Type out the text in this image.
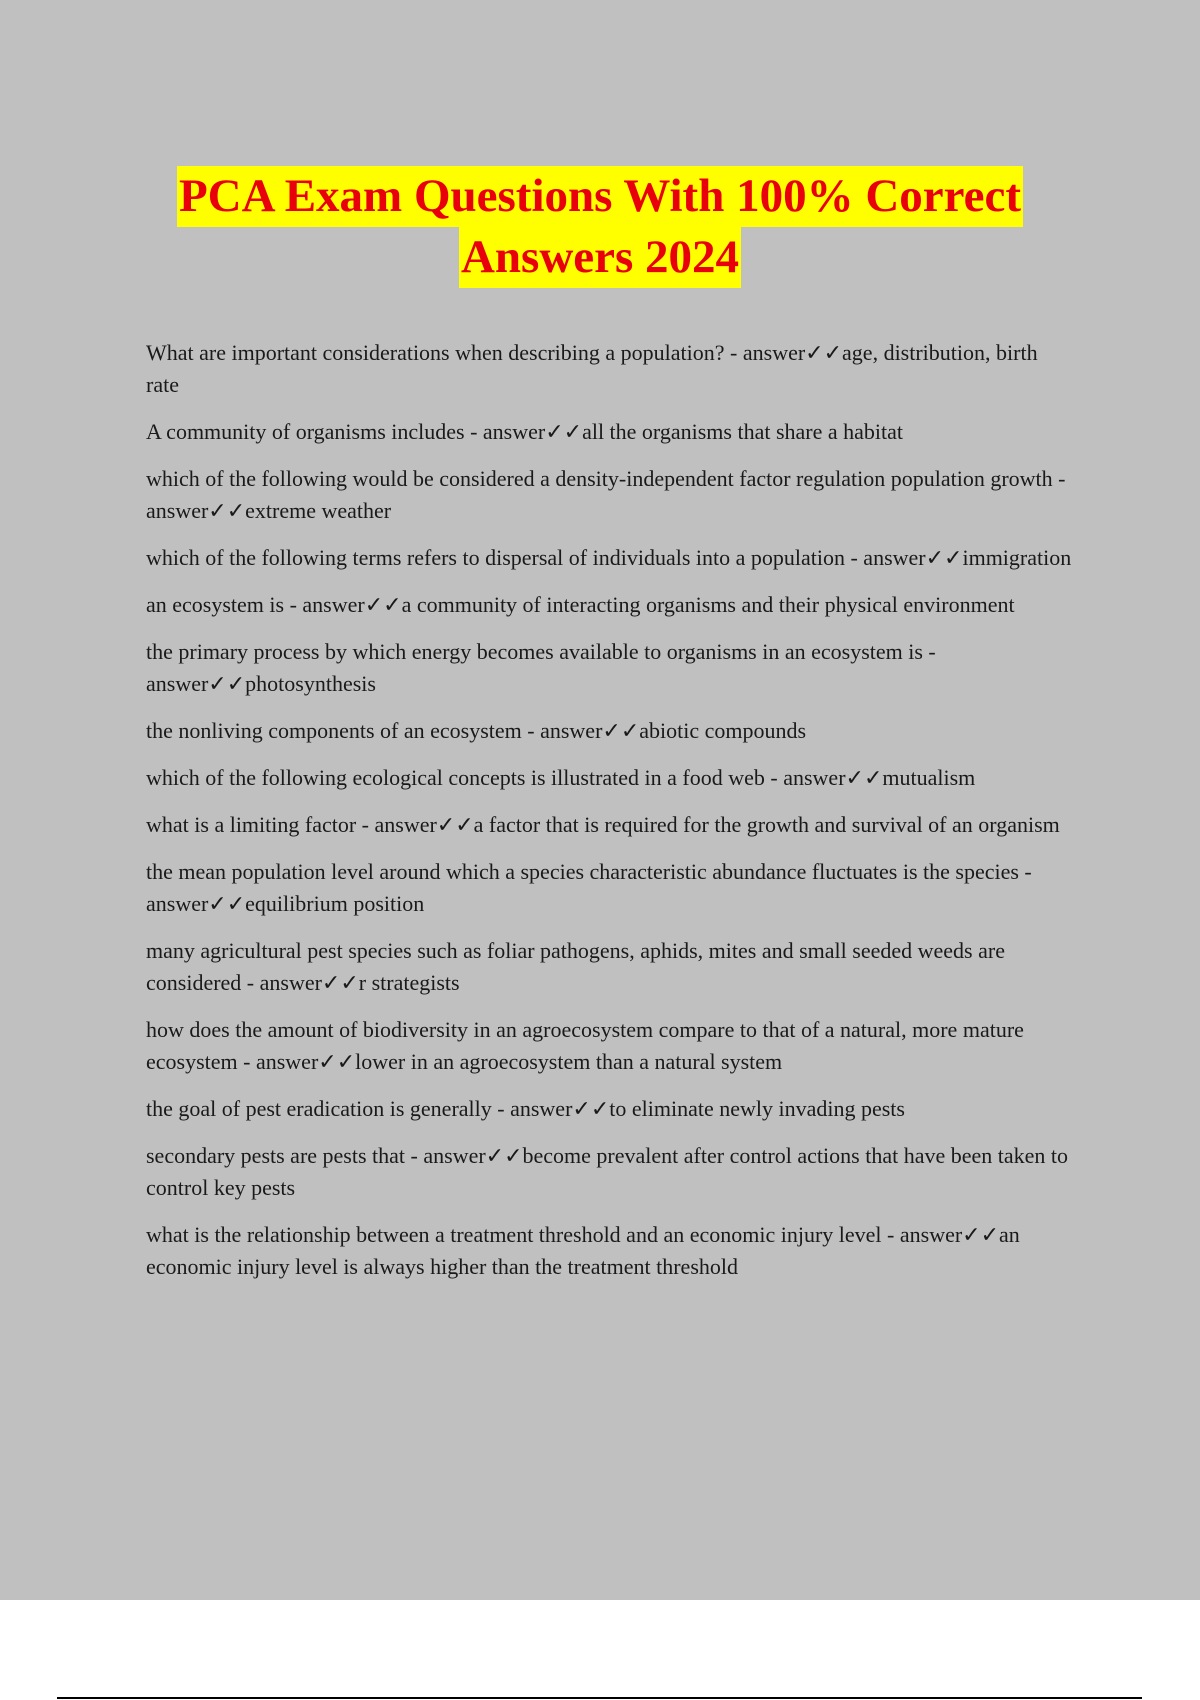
PCA Exam Questions With 100% Correct
Answers 2024
What are important considerations when describing a population? - answer✓✓age, distribution, birth rate
A community of organisms includes - answer✓✓all the organisms that share a habitat
which of the following would be considered a density-independent factor regulation population growth - answer✓✓extreme weather
which of the following terms refers to dispersal of individuals into a population - answer✓✓immigration
an ecosystem is - answer✓✓a community of interacting organisms and their physical environment
the primary process by which energy becomes available to organisms in an ecosystem is - answer✓✓photosynthesis
the nonliving components of an ecosystem - answer✓✓abiotic compounds
which of the following ecological concepts is illustrated in a food web - answer✓✓mutualism
what is a limiting factor - answer✓✓a factor that is required for the growth and survival of an organism
the mean population level around which a species characteristic abundance fluctuates is the species - answer✓✓equilibrium position
many agricultural pest species such as foliar pathogens, aphids, mites and small seeded weeds are considered - answer✓✓r strategists
how does the amount of biodiversity in an agroecosystem compare to that of a natural, more mature ecosystem - answer✓✓lower in an agroecosystem than a natural system
the goal of pest eradication is generally - answer✓✓to eliminate newly invading pests
secondary pests are pests that - answer✓✓become prevalent after control actions that have been taken to control key pests
what is the relationship between a treatment threshold and an economic injury level - answer✓✓an economic injury level is always higher than the treatment threshold
